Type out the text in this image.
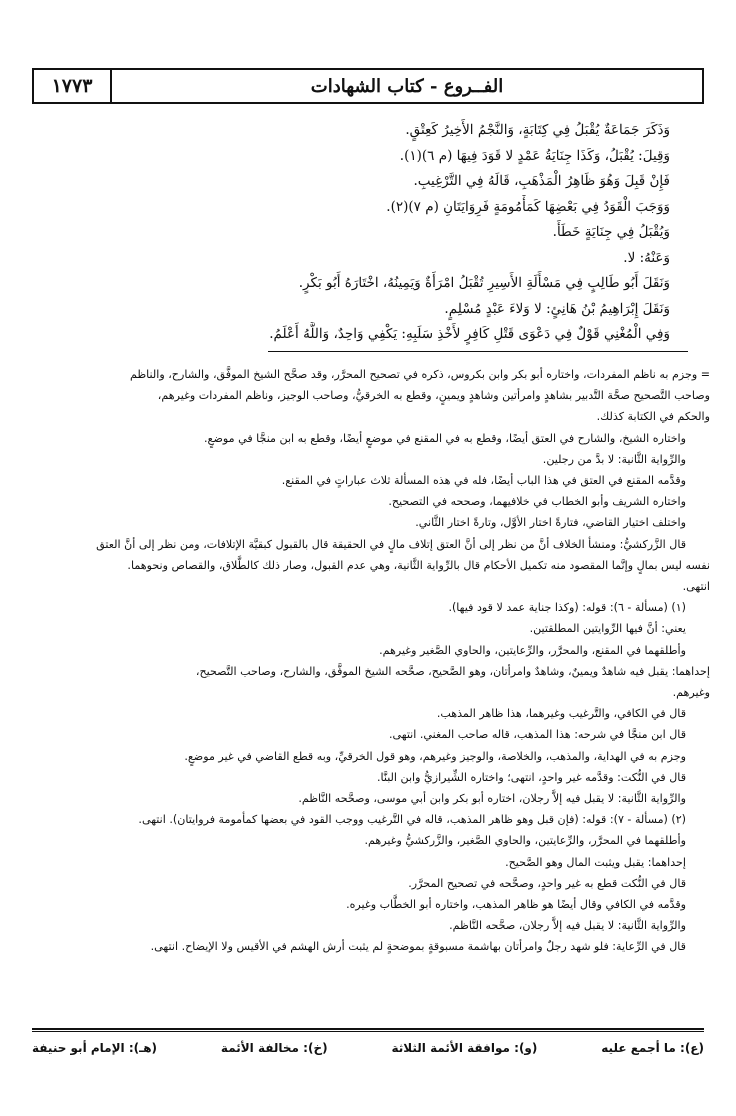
الفــروع - كتاب الشهادات
١٧٧٣
وَذَكَرَ جَمَاعَةٌ يُقْبَلُ فِي كِتَابَةٍ، وَالنَّجْمُ الأَخِيرُ كَعِتْقٍ.
وَقِيلَ: يُقْبَلُ، وَكَذَا جِنَايَةُ عَمْدٍ لا قَوَدَ فِيهَا (م ٦)(١).
فَإِنْ قَبِلَ وَهُوَ ظَاهِرُ الْمَذْهَبِ، قَالَهُ فِي التَّرْغِيبِ.
وَوَجَبَ الْقَوَدُ فِي بَعْضِهَا كَمَأْمُومَةٍ فَرِوَايَتَانِ (م ٧)(٢).
وَيُقْبَلُ فِي جِنَايَةٍ خَطَأً.
وَعَنْهُ: لا.
وَنَقَلَ أَبُو طَالِبٍ فِي مَسْأَلَةِ الأَسِيرِ تُقْبَلُ امْرَأَةٌ وَيَمِينُهُ، اخْتَارَهُ أَبُو بَكْرٍ.
وَنَقَلَ إِبْرَاهِيمُ بْنُ هَانِئٍ: لا وَلاءَ عَبْدٍ مُسْلِمٍ.
وَفِي الْمُغْنِي قَوْلٌ فِي دَعْوَى قَتْلِ كَافِرٍ لأَخْذِ سَلَبِهِ: يَكْفِي وَاحِدٌ، وَاللَّهُ أَعْلَمُ.
= وجزم به ناظم المفردات، واختاره أبو بكر وابن بكروس، ذكره في تصحيح المحرَّر، وقد صحَّح الشيخ الموفَّق، والشارح، والناظم
وصاحب التَّصحيح صحَّة التَّدبير بشاهدٍ وامرأتين وشاهدٍ ويمينٍ، وقطع به الخرقيُّ، وصاحب الوجيز، وناظم المفردات وغيرهم،
والحكم في الكتابة كذلك.
واختاره الشيخ، والشارح في العتق أيضًا، وقطع به في المقنع في موضعٍ أيضًا، وقطع به ابن منجَّا في موضعٍ.
والرِّواية الثَّانية: لا بدَّ من رجلين.
وقدَّمه المقنع في العتق في هذا الباب أيضًا، فله في هذه المسألة ثلاث عباراتٍ في المقنع.
واختاره الشريف وأبو الخطاب في خلافيهما، وصححه في التصحيح.
واختلف اختيار القاضي، فتارةً اختار الأوَّل، وتارةً اختار الثَّاني.
قال الزَّركشيُّ: ومنشأ الخلاف أنَّ من نظر إلى أنَّ العتق إتلاف مالٍ في الحقيقة قال بالقبول كبقيَّة الإتلافات، ومن نظر إلى أنَّ العتق
نفسه ليس بمالٍ وإنَّما المقصود منه تكميل الأحكام قال بالرِّواية الثَّانية، وهي عدم القبول، وصار ذلك كالطَّلاق، والقصاص ونحوهما.
انتهى.
(١) (مسألة - ٦): قوله: (وكذا جناية عمد لا قود فيها).
يعني: أنَّ فيها الرِّوايتين المطلقتين.
وأطلقهما في المقنع، والمحرَّر، والرِّعايتين، والحاوي الصَّغير وغيرهم.
إحداهما: يقبل فيه شاهدٌ ويمينٌ، وشاهدٌ وامرأتان، وهو الصَّحيح، صحَّحه الشيخ الموفَّق، والشارح، وصاحب التَّصحيح،
وغيرهم.
قال في الكافي، والتَّرغيب وغيرهما، هذا ظاهر المذهب.
قال ابن منجَّا في شرحه: هذا المذهب، قاله صاحب المغني. انتهى.
وجزم به في الهداية، والمذهب، والخلاصة، والوجيز وغيرهم، وهو قول الخرقيِّ، وبه قطع القاضي في غير موضعٍ.
قال في النُّكت: وقدَّمه غير واحدٍ، انتهى؛ واختاره الشِّيرازيُّ وابن البنَّا.
والرِّواية الثَّانية: لا يقبل فيه إلاَّ رجلان، اختاره أبو بكر وابن أبي موسى، وصحَّحه النَّاظم.
(٢) (مسألة - ٧): قوله: (فإن قبل وهو ظاهر المذهب، قاله في التَّرغيب ووجب القود في بعضها كمأمومة فروايتان). انتهى.
وأطلقهما في المحرَّر، والرِّعايتين، والحاوي الصَّغير، والزَّركشيُّ وغيرهم.
إحداهما: يقبل ويثبت المال وهو الصَّحيح.
قال في النُّكت قطع به غير واحدٍ، وصحَّحه في تصحيح المحرَّر.
وقدَّمه في الكافي وقال أيضًا هو ظاهر المذهب، واختاره أبو الخطَّاب وغيره.
والرِّواية الثَّانية: لا يقبل فيه إلاَّ رجلان، صحَّحه النَّاظم.
قال في الرِّعاية: فلو شهد رجلٌ وامرأتان بهاشمة مسبوقةٍ بموضحةٍ لم يثبت أرش الهشم في الأقيس ولا الإيضاح. انتهى.
(ع): ما أجمع عليه
(و): موافقة الأئمة الثلاثة
(خ): مخالفة الأئمة
(هـ): الإمام أبو حنيفة
